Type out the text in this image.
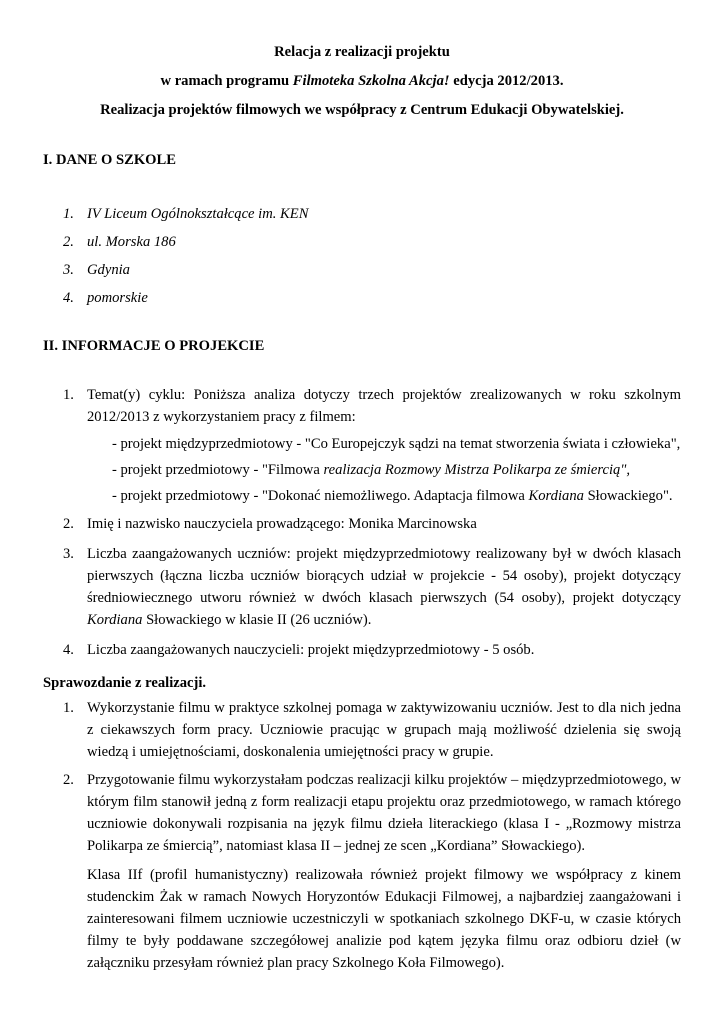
Relacja z realizacji projektu
w ramach programu Filmoteka Szkolna Akcja! edycja 2012/2013.
Realizacja projektów filmowych we współpracy z Centrum Edukacji Obywatelskiej.
I. DANE O SZKOLE
1. IV Liceum Ogólnokształcące im. KEN
2. ul. Morska 186
3. Gdynia
4. pomorskie
II. INFORMACJE O PROJEKCIE
1. Temat(y) cyklu: Poniższa analiza dotyczy trzech projektów zrealizowanych w roku szkolnym 2012/2013 z wykorzystaniem pracy z filmem:
- projekt międzyprzedmiotowy - "Co Europejczyk sądzi na temat stworzenia świata i człowieka",
- projekt przedmiotowy - "Filmowa realizacja Rozmowy Mistrza Polikarpa ze śmiercią",
- projekt przedmiotowy - "Dokonać niemożliwego. Adaptacja filmowa Kordiana Słowackiego".
2. Imię i nazwisko nauczyciela prowadzącego: Monika Marcinowska
3. Liczba zaangażowanych uczniów: projekt międzyprzedmiotowy realizowany był w dwóch klasach pierwszych (łączna liczba uczniów biorących udział w projekcie - 54 osoby), projekt dotyczący średniowiecznego utworu również w dwóch klasach pierwszych (54 osoby), projekt dotyczący Kordiana Słowackiego w klasie II (26 uczniów).
4. Liczba zaangażowanych nauczycieli: projekt międzyprzedmiotowy - 5 osób.
Sprawozdanie z realizacji.
1. Wykorzystanie filmu w praktyce szkolnej pomaga w zaktywizowaniu uczniów. Jest to dla nich jedna z ciekawszych form pracy. Uczniowie pracując w grupach mają możliwość dzielenia się swoją wiedzą i umiejętnościami, doskonalenia umiejętności pracy w grupie.
2. Przygotowanie filmu wykorzystałam podczas realizacji kilku projektów – międzyprzedmiotowego, w którym film stanowił jedną z form realizacji etapu projektu oraz przedmiotowego, w ramach którego uczniowie dokonywali rozpisania na język filmu dzieła literackiego (klasa I - „Rozmowy mistrza Polikarpa ze śmiercią”, natomiast klasa II – jednej ze scen „Kordiana” Słowackiego).
Klasa IIf (profil humanistyczny) realizowała również projekt filmowy we współpracy z kinem studenckim Żak w ramach Nowych Horyzontów Edukacji Filmowej, a najbardziej zaangażowani i zainteresowani filmem uczniowie uczestniczyli w spotkaniach szkolnego DKF-u, w czasie których filmy te były poddawane szczegółowej analizie pod kątem języka filmu oraz odbioru dzieł (w załączniku przesyłam również plan pracy Szkolnego Koła Filmowego).
